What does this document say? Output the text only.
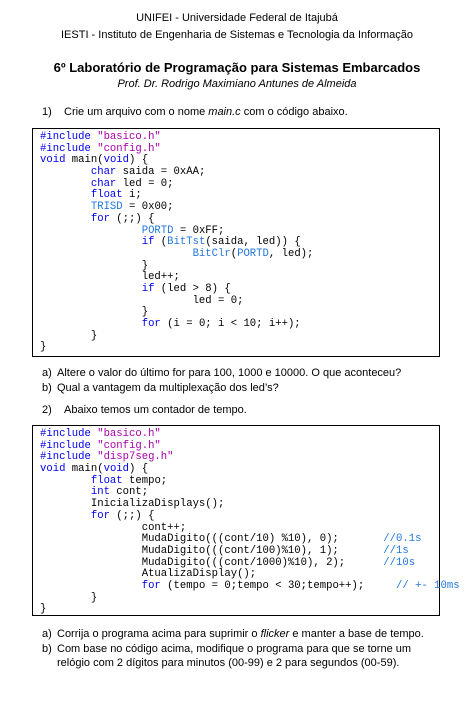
UNIFEI - Universidade Federal de Itajubá
IESTI - Instituto de Engenharia de Sistemas e Tecnologia da Informação
6º Laboratório de Programação para Sistemas Embarcados
Prof. Dr. Rodrigo Maximiano Antunes de Almeida
1) Crie um arquivo com o nome main.c com o código abaixo.
#include "basico.h"
#include "config.h"
void main(void) {
char saida = 0xAA;
char led = 0;
float i;
TRISD = 0x00;
for (;;) {
PORTD = 0xFF;
if (BitTst(saida, led)) {
BitClr(PORTD, led);
}
led++;
if (led > 8) {
led = 0;
}
for (i = 0; i < 10; i++);
}
}
a) Altere o valor do último for para 100, 1000 e 10000. O que aconteceu?
b) Qual a vantagem da multiplexação dos led’s?
2) Abaixo temos um contador de tempo.
#include "basico.h"
#include "config.h"
#include "disp7seg.h"
void main(void) {
float tempo;
int cont;
InicializaDisplays();
for (;;) {
cont++;
MudaDigito(((cont/10) %10), 0);       //0.1s
MudaDigito(((cont/100)%10), 1);       //1s
MudaDigito(((cont/1000)%10), 2);      //10s
AtualizaDisplay();
for (tempo = 0;tempo < 30;tempo++);     // +- 10ms
}
}
a) Corrija o programa acima para suprimir o flicker e manter a base de tempo.
b) Com base no código acima, modifique o programa para que se torne um relógio com 2 dígitos para minutos (00-99) e 2 para segundos (00-59).
